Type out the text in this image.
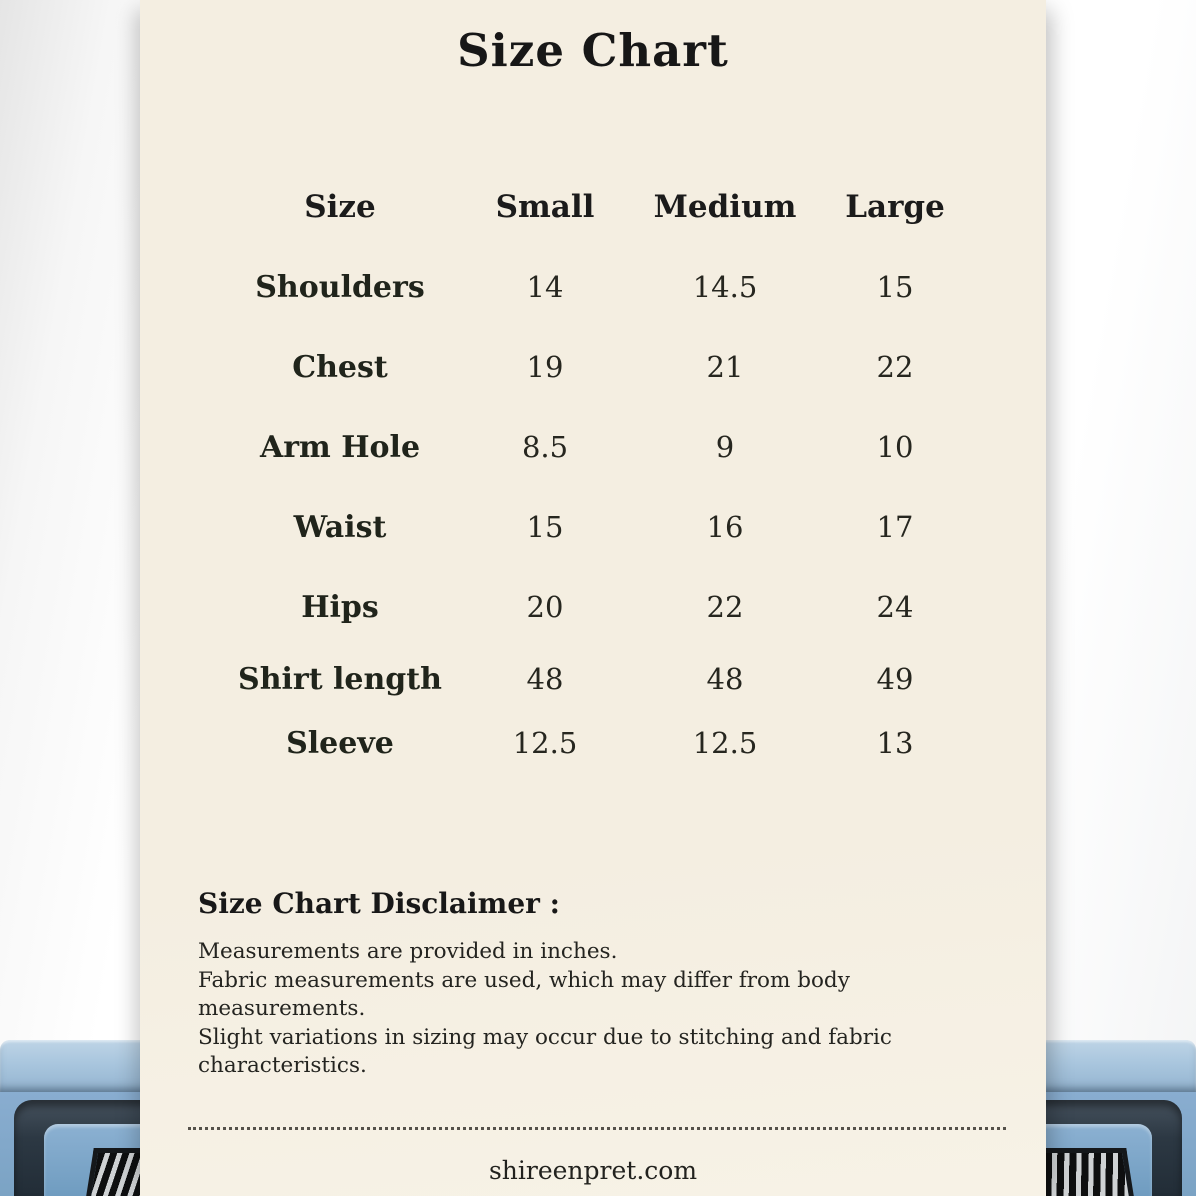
Size Chart
Size	Small	Medium	Large
Shoulders	14	14.5	15
Chest	19	21	22
Arm Hole	8.5	9	10
Waist	15	16	17
Hips	20	22	24
Shirt length	48	48	49
Sleeve	12.5	12.5	13
Size Chart Disclaimer :
Measurements are provided in inches.
Fabric measurements are used, which may differ from body measurements.
Slight variations in sizing may occur due to stitching and fabric characteristics.
shireenpret.com
